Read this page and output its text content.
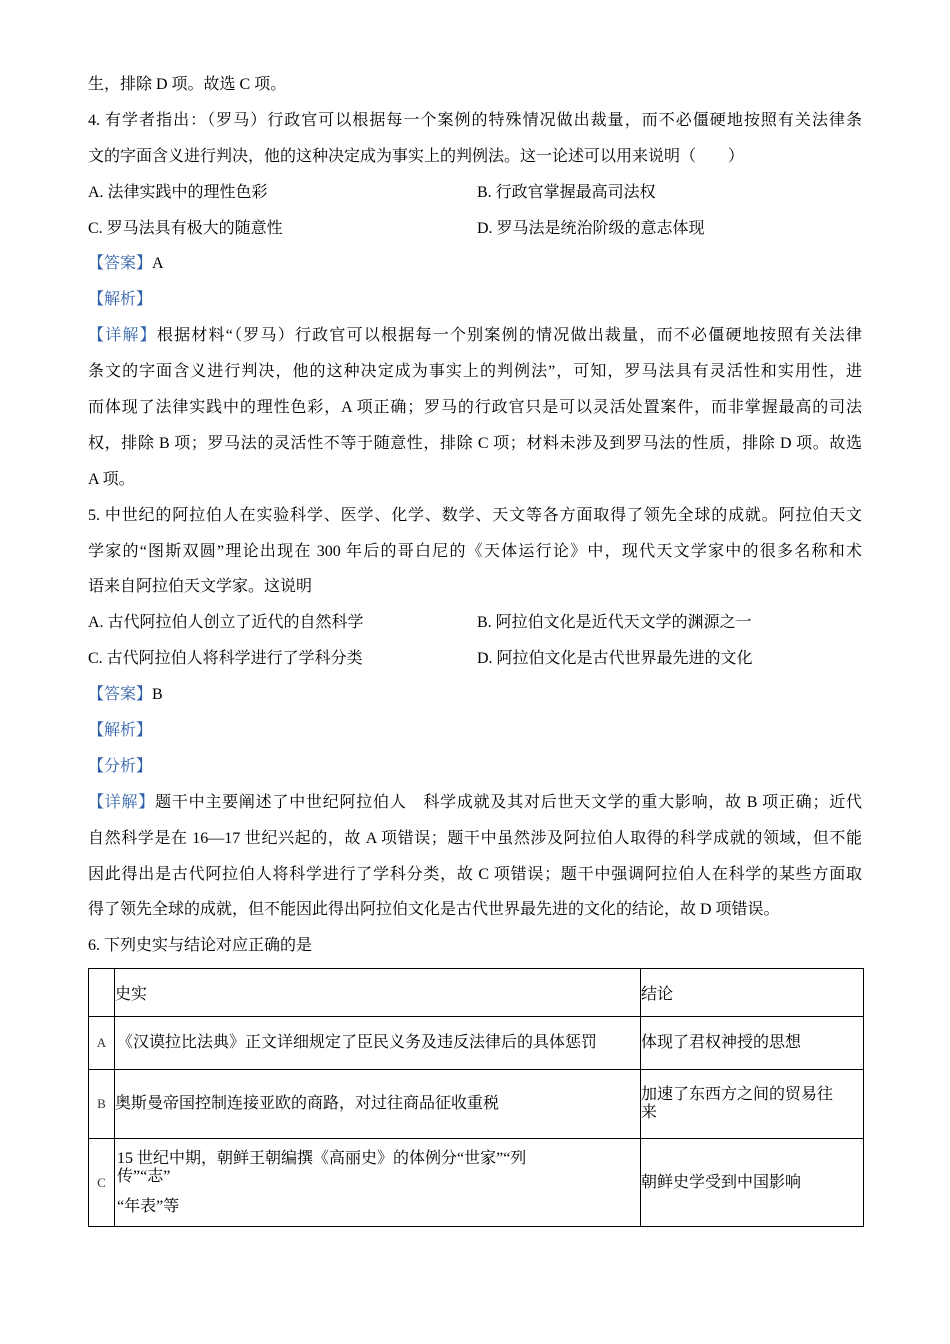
生，排除 D 项。故选 C 项。
4. 有学者指出：（罗马）行政官可以根据每一个案例的特殊情况做出裁量，而不必僵硬地按照有关法律条
文的字面含义进行判决，他的这种决定成为事实上的判例法。这一论述可以用来说明（　　）
A. 法律实践中的理性色彩	B. 行政官掌握最高司法权
C. 罗马法具有极大的随意性	D. 罗马法是统治阶级的意志体现
【答案】A
【解析】
【详解】根据材料“（罗马）行政官可以根据每一个别案例的情况做出裁量，而不必僵硬地按照有关法律
条文的字面含义进行判决，他的这种决定成为事实上的判例法”，可知，罗马法具有灵活性和实用性，进
而体现了法律实践中的理性色彩，A 项正确；罗马的行政官只是可以灵活处置案件，而非掌握最高的司法
权，排除 B 项；罗马法的灵活性不等于随意性，排除 C 项；材料未涉及到罗马法的性质，排除 D 项。故选
A 项。
5. 中世纪的阿拉伯人在实验科学、医学、化学、数学、天文等各方面取得了领先全球的成就。阿拉伯天文
学家的“图斯双圆”理论出现在 300 年后的哥白尼的《天体运行论》中，现代天文学家中的很多名称和术
语来自阿拉伯天文学家。这说明
A. 古代阿拉伯人创立了近代的自然科学	B. 阿拉伯文化是近代天文学的渊源之一
C. 古代阿拉伯人将科学进行了学科分类	D. 阿拉伯文化是古代世界最先进的文化
【答案】B
【解析】
【分析】
【详解】题干中主要阐述了中世纪阿拉伯人　科学成就及其对后世天文学的重大影响，故 B 项正确；近代
自然科学是在 16—17 世纪兴起的，故 A 项错误；题干中虽然涉及阿拉伯人取得的科学成就的领域，但不能
因此得出是古代阿拉伯人将科学进行了学科分类，故 C 项错误；题干中强调阿拉伯人在科学的某些方面取
得了领先全球的成就，但不能因此得出阿拉伯文化是古代世界最先进的文化的结论，故 D 项错误。
6. 下列史实与结论对应正确的是
	史实	结论
A	《汉谟拉比法典》正文详细规定了臣民义务及违反法律后的具体惩罚	体现了君权神授的思想

B	奥斯曼帝国控制连接亚欧的商路，对过往商品征收重税	加速了东西方之间的贸易往
来

C	15 世纪中期，朝鲜王朝编撰《高丽史》的体例分“世家”“列
传”“志”
“年表”等	朝鲜史学受到中国影响
